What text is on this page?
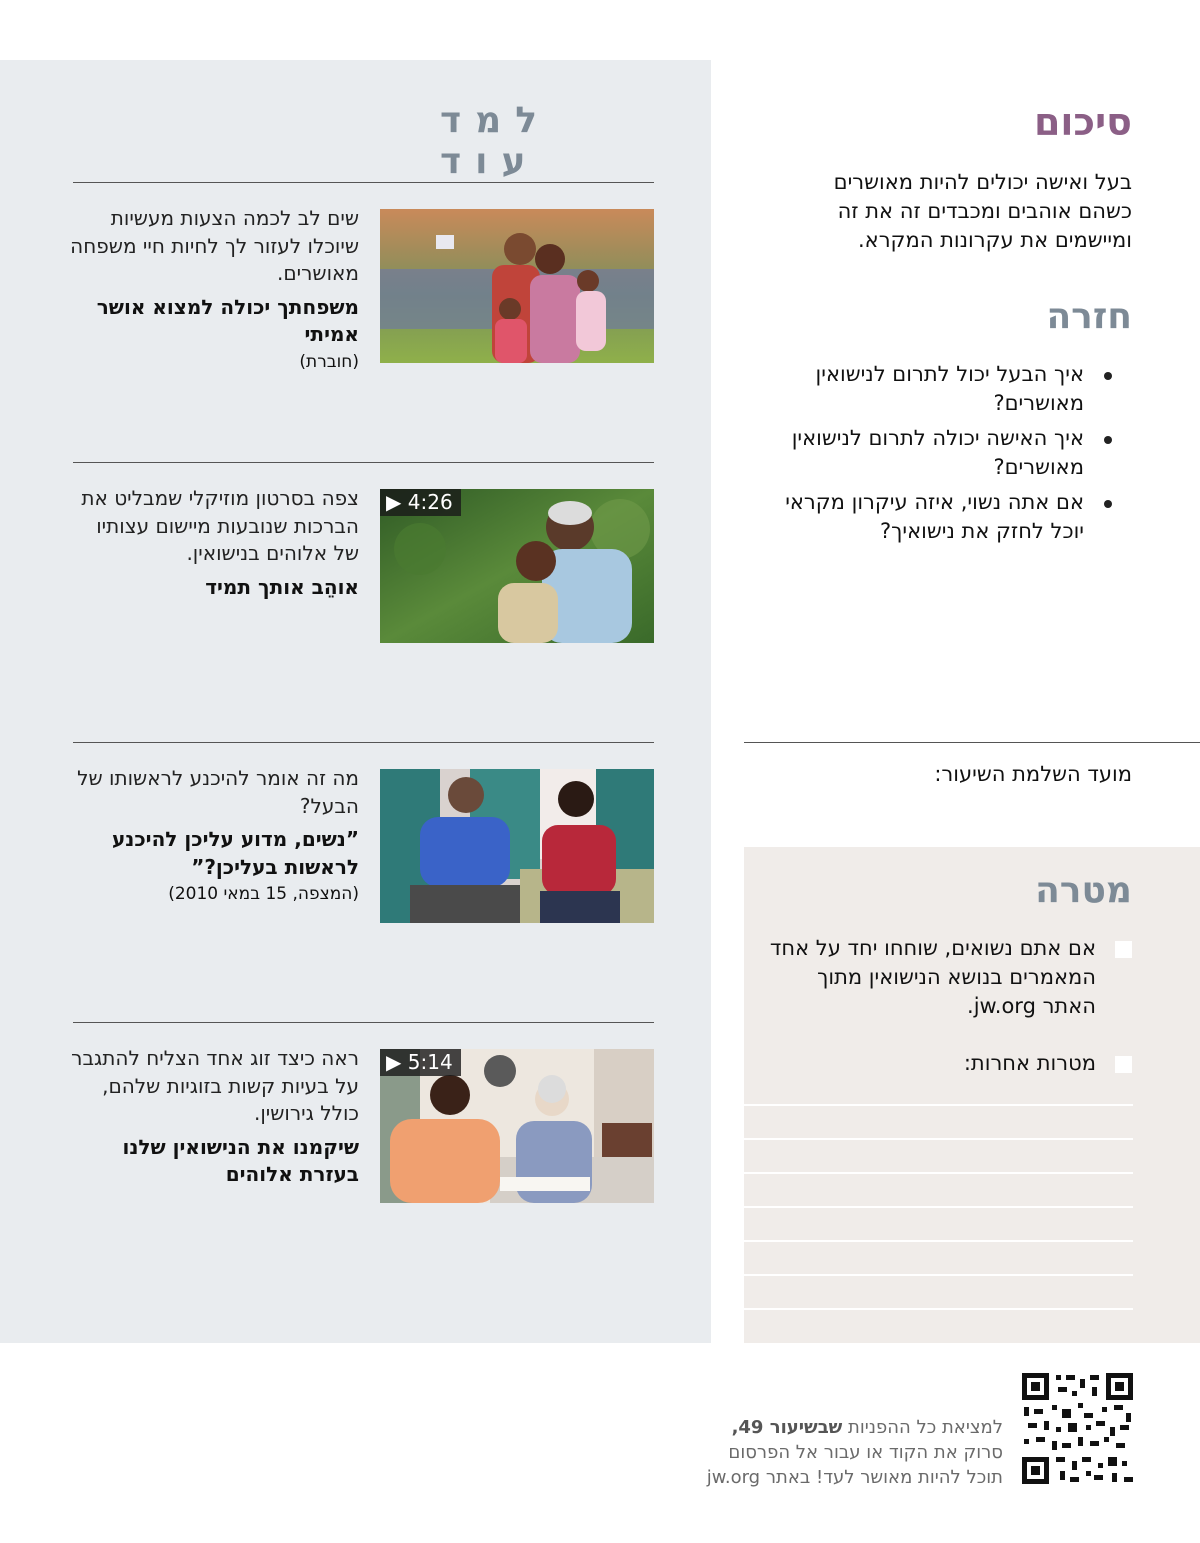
למד עוד
שים לב לכמה הצעות מעשיות שיוכלו לעזור לך לחיות חיי משפחה מאושרים.
משפחתך יכולה למצוא אושר אמיתי
(חוברת)
▶ 4:26
צפה בסרטון מוזיקלי שמבליט את הברכות שנובעות מיישום עצותיו של אלוהים בנישואין.
אוהֵב אותך תמיד
מה זה אומר להיכנע לראשותו של הבעל?
”נשים, מדוע עליכן להיכנע לראשות בעליכן?”
(המצפה, 15 במאי 2010)
▶ 5:14
ראה כיצד זוג אחד הצליח להתגבר על בעיות קשות בזוגיות שלהם, כולל גירושין.
שיקמנו את הנישואין שלנו בעזרת אלוהים
סיכום
בעל ואישה יכולים להיות מאושרים כשהם אוהבים ומכבדים זה את זה ומיישמים את עקרונות המקרא.
חזרה
איך הבעל יכול לתרום לנישואין מאושרים?
איך האישה יכולה לתרום לנישואין מאושרים?
אם אתה נשוי, איזה עיקרון מקראי יוכל לחזק את נישואיך?
מועד השלמת השיעור:
מטרה
אם אתם נשואים, שוחחו יחד על אחד המאמרים בנושא הנישואין מתוך האתר jw.org.
מטרות אחרות:
למציאת כל ההפניות שבשיעור 49,
סרוק את הקוד או עבור אל הפרסום
תוכל להיות מאושר לעד! באתר jw.org
